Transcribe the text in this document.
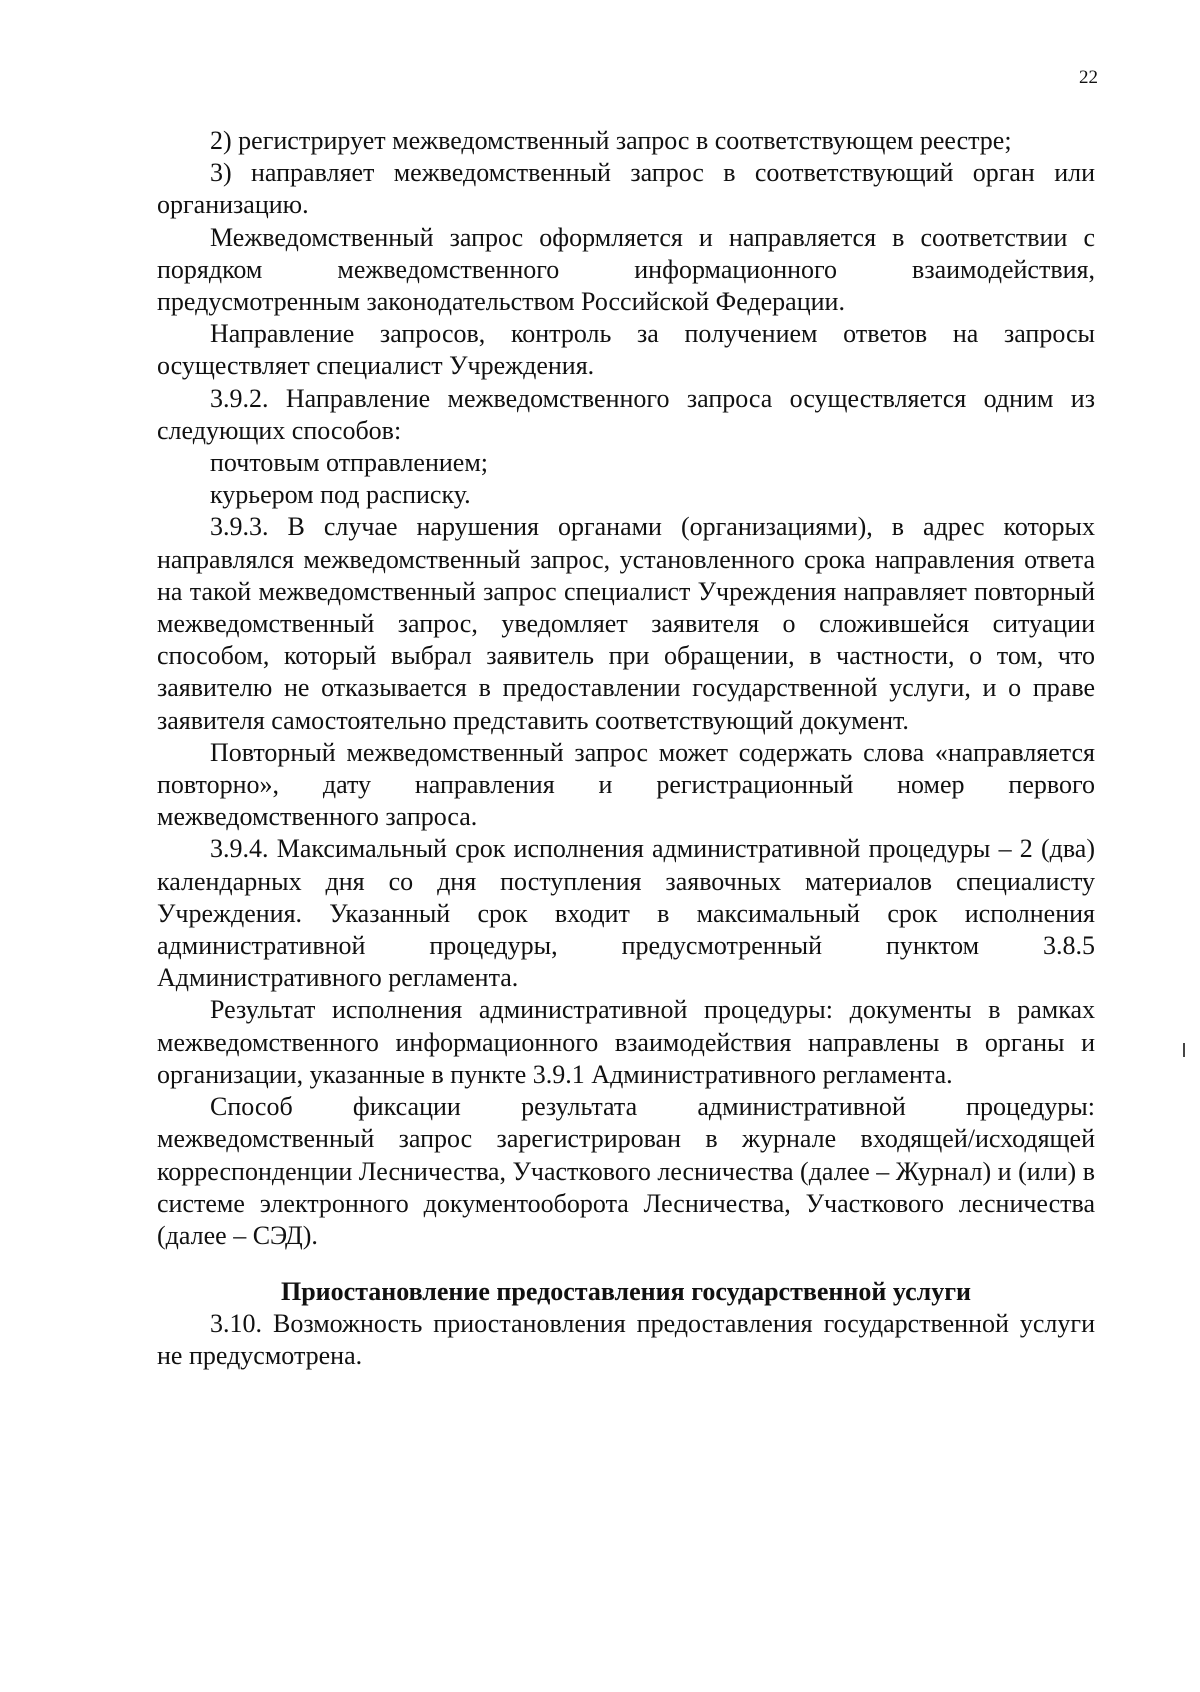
22

2) регистрирует межведомственный запрос в соответствующем реестре;

3) направляет межведомственный запрос в соответствующий орган или организацию.

Межведомственный запрос оформляется и направляется в соответствии с порядком межведомственного информационного взаимодействия, предусмотренным законодательством Российской Федерации.

Направление запросов, контроль за получением ответов на запросы осуществляет специалист Учреждения.

3.9.2. Направление межведомственного запроса осуществляется одним из следующих способов:

почтовым отправлением;

курьером под расписку.

3.9.3. В случае нарушения органами (организациями), в адрес которых направлялся межведомственный запрос, установленного срока направления ответа на такой межведомственный запрос специалист Учреждения направляет повторный межведомственный запрос, уведомляет заявителя о сложившейся ситуации способом, который выбрал заявитель при обращении, в частности, о том, что заявителю не отказывается в предоставлении государственной услуги, и о праве заявителя самостоятельно представить соответствующий документ.

Повторный межведомственный запрос может содержать слова «направляется повторно», дату направления и регистрационный номер первого межведомственного запроса.

3.9.4. Максимальный срок исполнения административной процедуры – 2 (два) календарных дня со дня поступления заявочных материалов специалисту Учреждения. Указанный срок входит в максимальный срок исполнения административной процедуры, предусмотренный пунктом 3.8.5 Административного регламента.

Результат исполнения административной процедуры: документы в рамках межведомственного информационного взаимодействия направлены в органы и организации, указанные в пункте 3.9.1 Административного регламента.

Способ фиксации результата административной процедуры: межведомственный запрос зарегистрирован в журнале входящей/исходящей корреспонденции Лесничества, Участкового лесничества (далее – Журнал) и (или) в системе электронного документооборота Лесничества, Участкового лесничества (далее – СЭД).

Приостановление предоставления государственной услуги

3.10. Возможность приостановления предоставления государственной услуги не предусмотрена.
